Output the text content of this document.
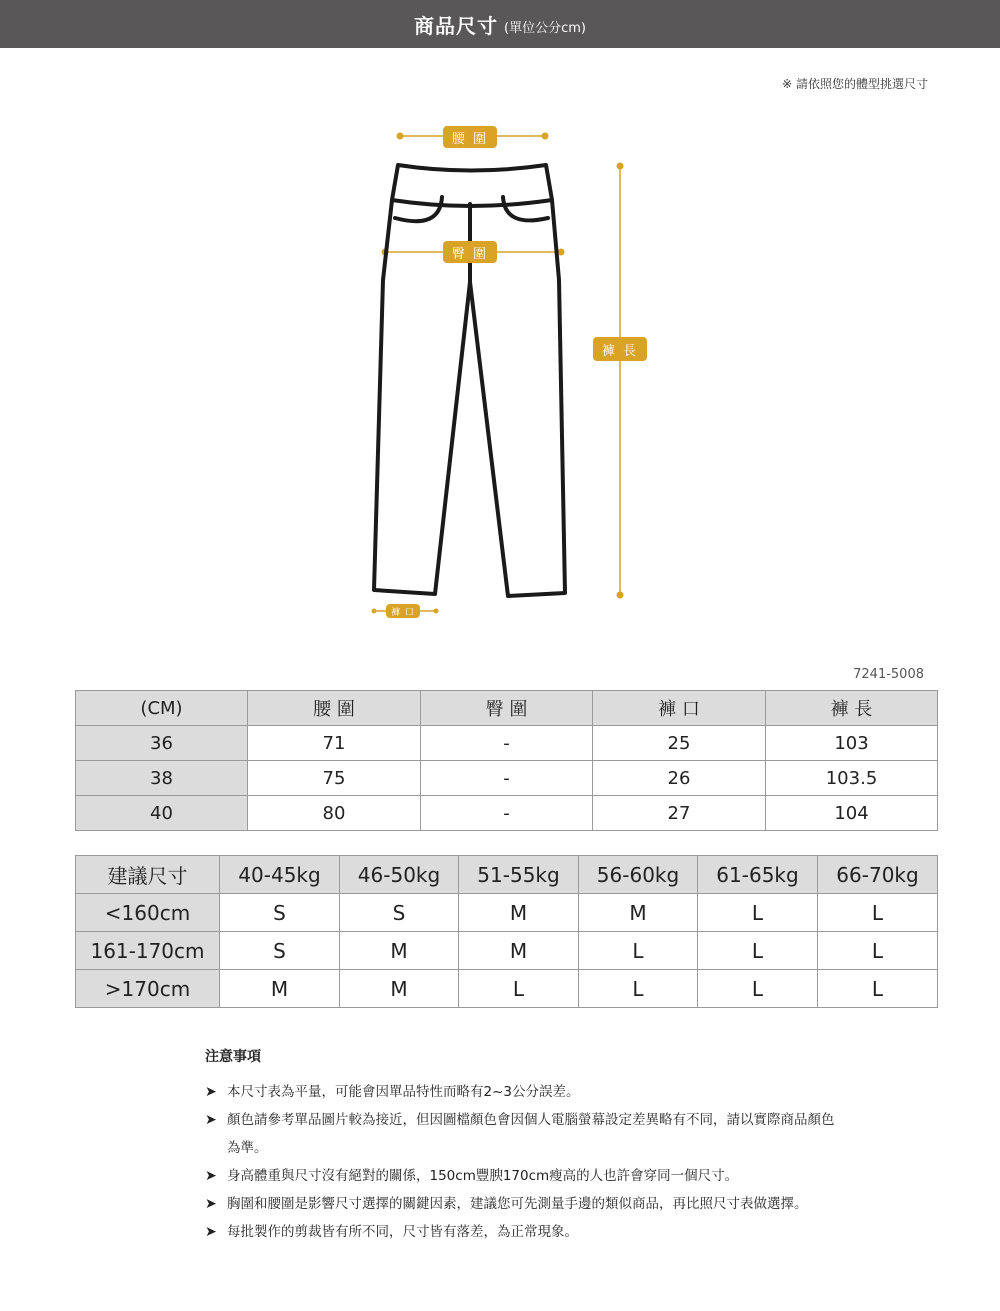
商品尺寸 (單位公分cm)
※ 請依照您的體型挑選尺寸
腰 圍
臀 圍
褲 長
褲 口
7241-5008
(CM)	腰 圍	臀 圍	褲 口	褲 長
36	71	-	25	103
38	75	-	26	103.5
40	80	-	27	104
建議尺寸	40-45kg	46-50kg	51-55kg	56-60kg	61-65kg	66-70kg
<160cm	S	S	M	M	L	L
161-170cm	S	M	M	L	L	L
>170cm	M	M	L	L	L	L
注意事項
➤ 本尺寸表為平量，可能會因單品特性而略有2~3公分誤差。
➤ 顏色請參考單品圖片較為接近，但因圖檔顏色會因個人電腦螢幕設定差異略有不同，請以實際商品顏色為準。
➤ 身高體重與尺寸沒有絕對的關係，150cm豐腴170cm瘦高的人也許會穿同一個尺寸。
➤ 胸圍和腰圍是影響尺寸選擇的關鍵因素，建議您可先測量手邊的類似商品，再比照尺寸表做選擇。
➤ 每批製作的剪裁皆有所不同，尺寸皆有落差，為正常現象。
